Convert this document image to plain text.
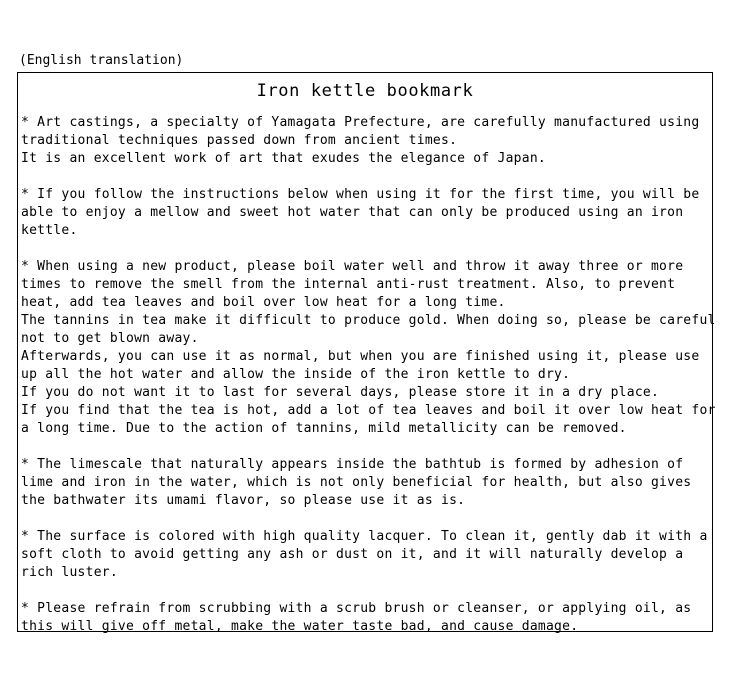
(English translation)
Iron kettle bookmark

* Art castings, a specialty of Yamagata Prefecture, are carefully manufactured using
traditional techniques passed down from ancient times.
It is an excellent work of art that exudes the elegance of Japan.

* If you follow the instructions below when using it for the first time, you will be
able to enjoy a mellow and sweet hot water that can only be produced using an iron
kettle.

* When using a new product, please boil water well and throw it away three or more
times to remove the smell from the internal anti-rust treatment. Also, to prevent
heat, add tea leaves and boil over low heat for a long time.
The tannins in tea make it difficult to produce gold. When doing so, please be careful
not to get blown away.
Afterwards, you can use it as normal, but when you are finished using it, please use
up all the hot water and allow the inside of the iron kettle to dry.
If you do not want it to last for several days, please store it in a dry place.
If you find that the tea is hot, add a lot of tea leaves and boil it over low heat for
a long time. Due to the action of tannins, mild metallicity can be removed.

* The limescale that naturally appears inside the bathtub is formed by adhesion of
lime and iron in the water, which is not only beneficial for health, but also gives
the bathwater its umami flavor, so please use it as is.

* The surface is colored with high quality lacquer. To clean it, gently dab it with a
soft cloth to avoid getting any ash or dust on it, and it will naturally develop a
rich luster.

* Please refrain from scrubbing with a scrub brush or cleanser, or applying oil, as
this will give off metal, make the water taste bad, and cause damage.
